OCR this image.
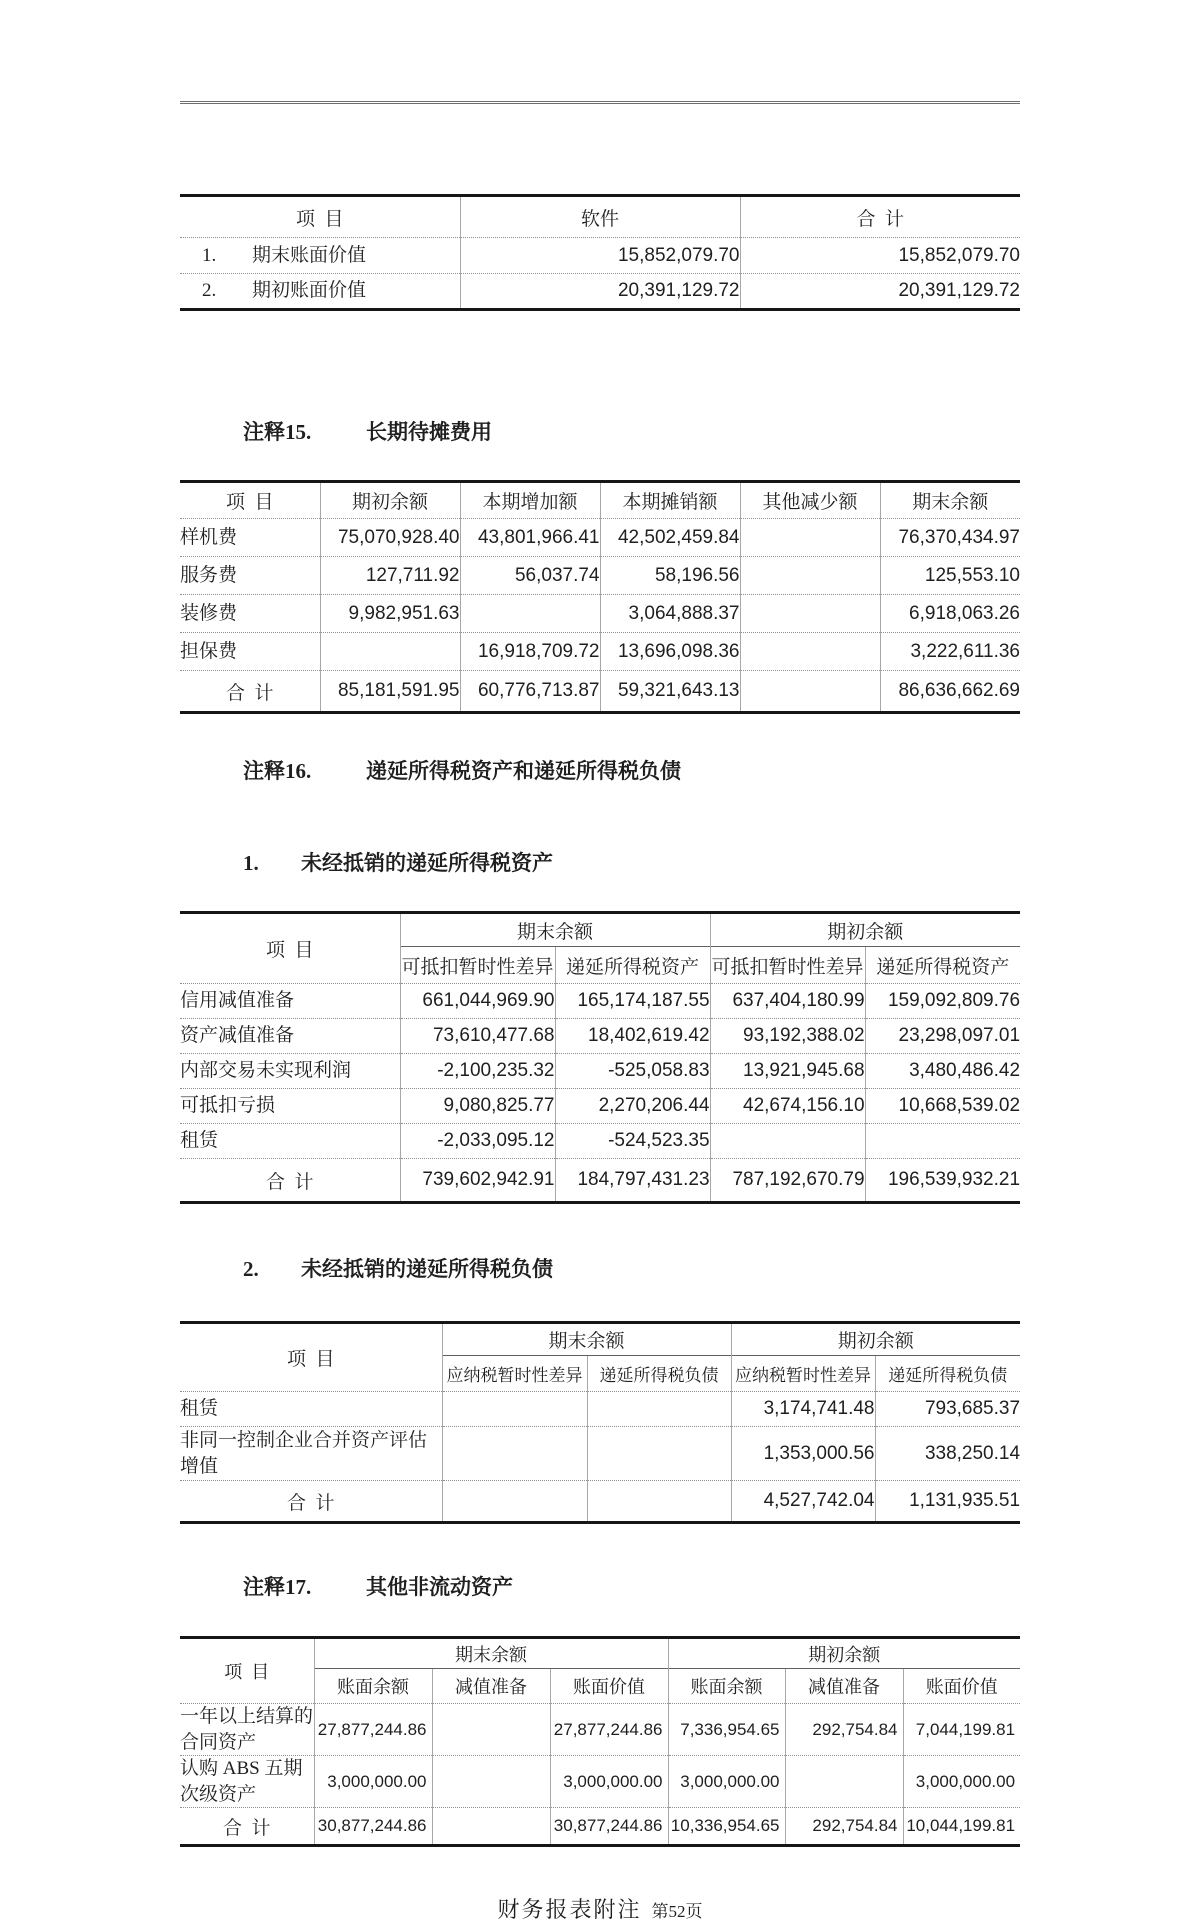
项  目	软件	合  计
1. 期末账面价值	15,852,079.70	15,852,079.70
2. 期初账面价值	20,391,129.72	20,391,129.72

注释15.	长期待摊费用

项  目	期初余额	本期增加额	本期摊销额	其他减少额	期末余额
样机费	75,070,928.40	43,801,966.41	42,502,459.84		76,370,434.97
服务费	127,711.92	56,037.74	58,196.56		125,553.10
装修费	9,982,951.63		3,064,888.37		6,918,063.26
担保费		16,918,709.72	13,696,098.36		3,222,611.36
合  计	85,181,591.95	60,776,713.87	59,321,643.13		86,636,662.69

注释16.	递延所得税资产和递延所得税负债

1. 未经抵销的递延所得税资产

项  目	期末余额		期初余额	
	可抵扣暂时性差异	递延所得税资产	可抵扣暂时性差异	递延所得税资产
信用减值准备	661,044,969.90	165,174,187.55	637,404,180.99	159,092,809.76
资产减值准备	73,610,477.68	18,402,619.42	93,192,388.02	23,298,097.01
内部交易未实现利润	-2,100,235.32	-525,058.83	13,921,945.68	3,480,486.42
可抵扣亏损	9,080,825.77	2,270,206.44	42,674,156.10	10,668,539.02
租赁	-2,033,095.12	-524,523.35		
合  计	739,602,942.91	184,797,431.23	787,192,670.79	196,539,932.21

2. 未经抵销的递延所得税负债

项  目	期末余额		期初余额	
	应纳税暂时性差异	递延所得税负债	应纳税暂时性差异	递延所得税负债
租赁			3,174,741.48	793,685.37
非同一控制企业合并资产评估增值			1,353,000.56	338,250.14
合  计			4,527,742.04	1,131,935.51

注释17.	其他非流动资产

项  目	期末余额			期初余额		
	账面余额	减值准备	账面价值	账面余额	减值准备	账面价值
一年以上结算的合同资产	27,877,244.86		27,877,244.86	7,336,954.65	292,754.84	7,044,199.81
认购 ABS 五期次级资产	3,000,000.00		3,000,000.00	3,000,000.00		3,000,000.00
合  计	30,877,244.86		30,877,244.86	10,336,954.65	292,754.84	10,044,199.81
财务报表附注 第52页
